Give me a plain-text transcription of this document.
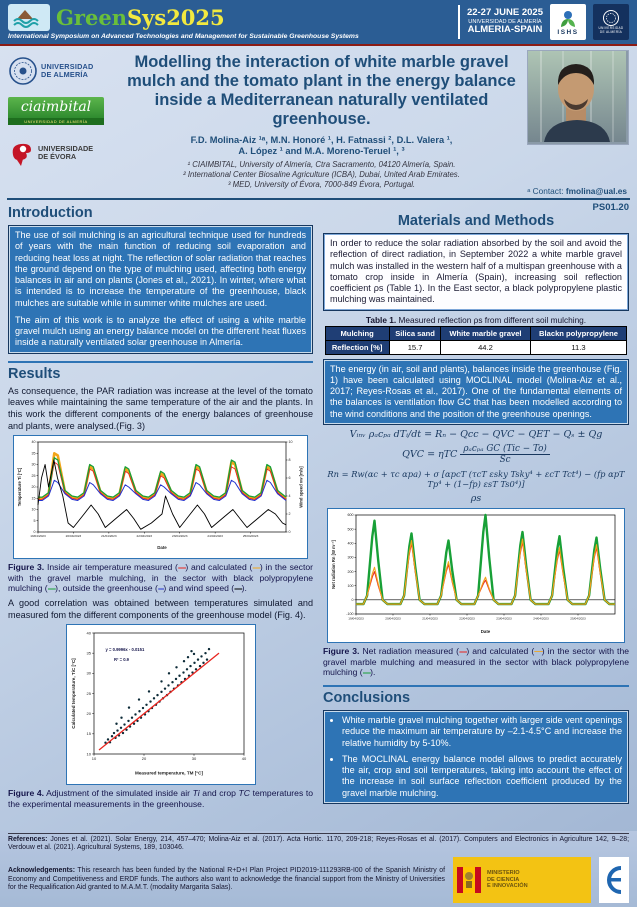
GreenSys2025
International Symposium on Advanced Technologies and Management for Sustainable Greenhouse Systems
22-27 JUNE 2025
UNIVERSIDAD DE ALMERÍA
ALMERIA-SPAIN ISHS
UNIVERSIDAD
DE ALMERÍA
UNIVERSIDAD
DE ALMERÍA
ciaimbital
UNIVERSIDAD DE ALMERÍA
UNIVERSIDADE
DE ÉVORA
Modelling the interaction of white marble gravel mulch and the tomato plant in the energy balance inside a Mediterranean naturally ventilated greenhouse.
F.D. Molina-Aiz ¹ᵃ, M.N. Honoré ¹, H. Fatnassi ², D.L. Valera ¹,
A. López ¹ and M.A. Moreno-Teruel ¹, ³
¹ CIAIMBITAL, University of Almería, Ctra Sacramento, 04120 Almería, Spain.
² International Center Biosaline Agriculture (ICBA), Dubai, United Arab Emirates.
³ MED, University of Évora, 7000-849 Évora, Portugal.
ᵃ Contact: fmolina@ual.es
Introduction

The use of soil mulching is an agricultural technique used for hundreds of years with the main function of reducing soil evaporation and reducing heat loss at night. The reflection of solar radiation that reaches the ground depend on the type of mulching used, affecting both energy balances in air and on plants (Jones et al., 2021). In winter, where what is intended is to increase the temperature of the greenhouse, black mulches are suitable while in summer white mulches are used.

The aim of this work is to analyze the effect of using a white marble gravel mulch using an energy balance model on the different heat fluxes inside a naturally ventilated solar greenhouse in Almería.

Results

As consequence, the PAR radiation was increase at the level of the tomato leaves while maintaining the same temperature of the air and the plants. In this work the different components of the energy balances of greenhouse and plants, were analysed.(Fig. 3)

0
5
10
15
20
25
30
35
40
0
2
4
6
8
10
19/04/2023	20/04/2023	21/04/2023	22/04/2023	23/04/2023	24/04/2023	25/04/2023
Date
Temperature Ti [°C]	Wind speed vw [m/s]

Figure 3. Inside air temperature measured (----) and calculated (----) in the sector with the gravel marble mulching, in the sector with black polypropylene mulching (----), outside the greenhouse (---) and wind speed (----).

A good correlation was obtained between temperatures simulated and measured fom the different components of the greenhouse model (Fig. 4).

10
15
20
25
30
35
40
10	20	30	40
Measured temperature, TM [°C]
Calculated temperature, TiC [°C]
y = 0.9996x - 0.0151
R² = 0.9

Figure 4. Adjustment of the simulated inside air Ti and crop TC temperatures to the experimental measurements in the greenhouse.

PS01.20
Materials and Methods

In order to reduce the solar radiation absorbed by the soil and avoid the reflection of direct radiation, in September 2022 a white marble gravel mulch was installed in the western half of a multispan greenhouse with a tomato crop inside in Almería (Spain), increasing soil reflection coefficient ρs (Table 1). In the East sector, a black polypropylene plastic mulching was maintained.

Table 1. Measured reflection ρs from different soil mulching.

Mulching	Silica sand	White marble gravel	Blackn polypropylene
Reflection [%]	15.7	44.2	11.3

The energy (in air, soil and plants), balances inside the greenhouse (Fig. 1) have been calculated using MOCLINAL model (Molina-Aiz et al., 2017; Reyes-Rosas et al., 2017). One of the fundamental elements of the balances is ventilation flow GC that has been modelled according to the wind conditions and the position of the greenhouse openings.

Vᵢₙᵥ ρₐcₚₐ dTᵢ/dt = Rₙ − Qcc − QVC − QET − Qₛ ± Qg
QVC = ηTC $\frac{\text{ρₐcₚₐ GC (Tic − To)}}{Sc}$
Rn = Rw(αc + τc αpa) + σ [αpcT (τcT εsky Tsky⁴ + εcT Tct⁴) − (fp αpT Tp⁴ + (1−fp) εsT Ts0⁴)]
ρs
-100
0
100
200
300
400
500
600
19/04/2023	20/04/2023	21/04/2023	22/04/2023	23/04/2023	24/04/2023	25/04/2023
Date
Net radiation Rn [W m⁻²]

Figure 3. Net radiation measured (----) and calculated (—) in the sector with the gravel marble mulching and measured in the sector with black polypropylene mulching (----).

Conclusions
• White marble gravel mulching together with larger side vent openings reduce the maximum air temperature by –2.1-4.5°C and increase the relative humidity by 5-10%.
• The MOCLINAL energy balance model allows to predict accurately the air, crop and soil temperatures, taking into account the effect of the increase in soil surface reflection coefficient produced by the gravel marble mulching.
References: Jones et al. (2021). Solar Energy, 214, 457–470; Molina-Aiz et al. (2017). Acta Hortic. 1170, 209-218; Reyes-Rosas et al. (2017). Computers and Electronics in Agriculture 142, 9–28; Verdouw et al. (2021). Agricultural Systems, 189, 103046.
Acknowledgements: This research has been funded by the National R+D+I Plan Project PID2019-111293RB-I00 of the Spanish Ministry of Economy and Competitiveness and ERDF funds. The authors also want to acknowledge the financial support from the Ministry of Universities for the Requalification Aid granted to M.A.M.T. (modality Margarita Salas).
MINISTERIO
DE CIENCIA
E INNOVACIÓN
